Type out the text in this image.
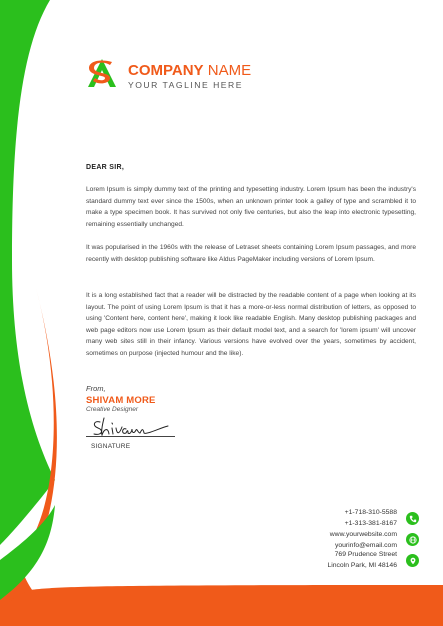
COMPANY NAME
YOUR TAGLINE HERE
DEAR SIR,

Lorem Ipsum is simply dummy text of the printing and typesetting industry. Lorem Ipsum has been the industry's standard dummy text ever since the 1500s, when an unknown printer took a galley of type and scrambled it to make a type specimen book. It has survived not only five centuries, but also the leap into electronic typesetting, remaining essentially unchanged.

It was popularised in the 1960s with the release of Letraset sheets containing Lorem Ipsum passages, and more recently with desktop publishing software like Aldus PageMaker including versions of Lorem Ipsum.

It is a long established fact that a reader will be distracted by the readable content of a page when looking at its layout. The point of using Lorem Ipsum is that it has a more-or-less normal distribution of letters, as opposed to using 'Content here, content here', making it look like readable English. Many desktop publishing packages and web page editors now use Lorem Ipsum as their default model text, and a search for 'lorem ipsum' will uncover many web sites still in their infancy. Various versions have evolved over the years, sometimes by accident, sometimes on purpose (injected humour and the like).

From,
SHIVAM MORE
Creative Designer
SIGNATURE
+1-718-310-5588
+1-313-381-8167
www.yourwebsite.com
yourinfo@email.com
769 Prudence Street
Lincoln Park, MI 48146
